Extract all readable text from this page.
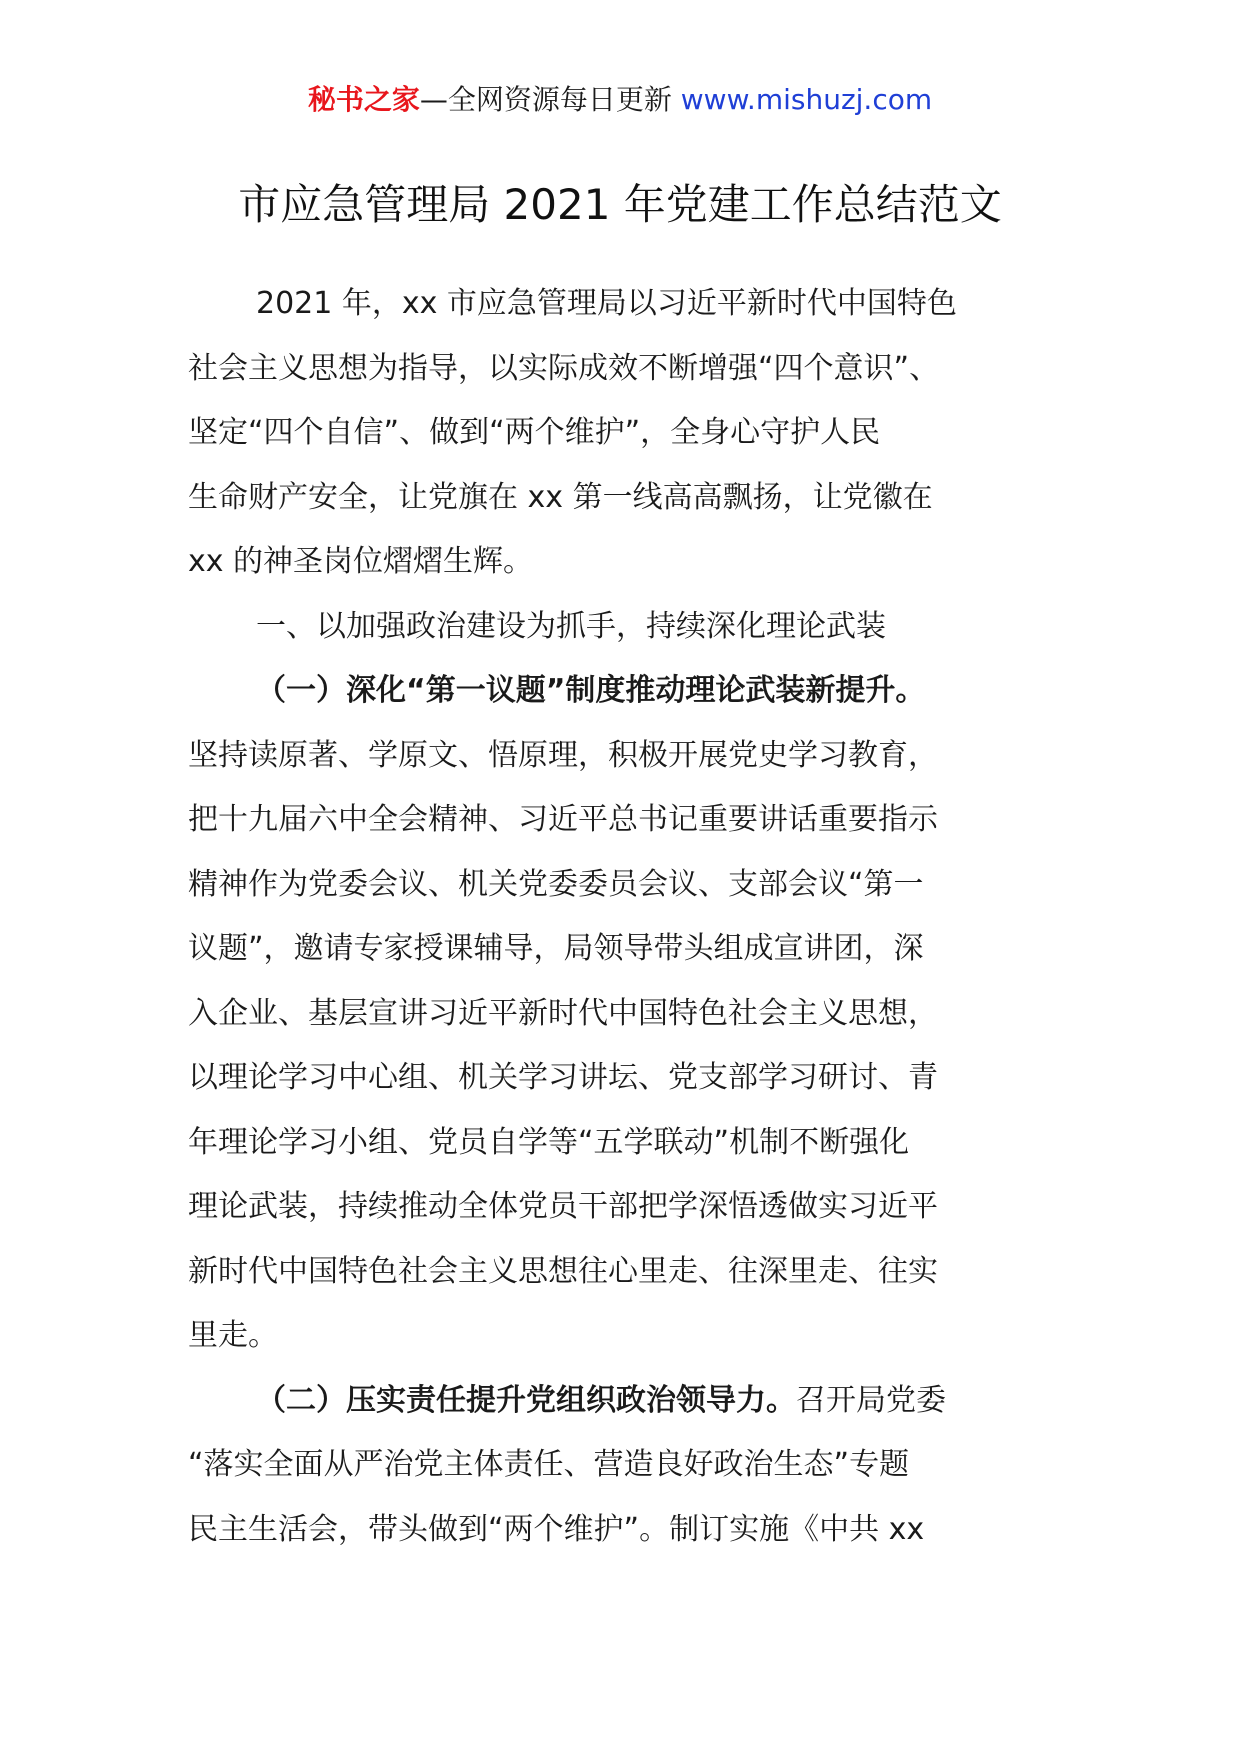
秘书之家—全网资源每日更新 www.mishuzj.com
市应急管理局 2021 年党建工作总结范文
2021 年，xx 市应急管理局以习近平新时代中国特色
社会主义思想为指导，以实际成效不断增强“四个意识”、
坚定“四个自信”、做到“两个维护”，全身心守护人民
生命财产安全，让党旗在 xx 第一线高高飘扬，让党徽在
xx 的神圣岗位熠熠生辉。
一、以加强政治建设为抓手，持续深化理论武装
（一）深化“第一议题”制度推动理论武装新提升。
坚持读原著、学原文、悟原理，积极开展党史学习教育，
把十九届六中全会精神、习近平总书记重要讲话重要指示
精神作为党委会议、机关党委委员会议、支部会议“第一
议题”，邀请专家授课辅导，局领导带头组成宣讲团，深
入企业、基层宣讲习近平新时代中国特色社会主义思想，
以理论学习中心组、机关学习讲坛、党支部学习研讨、青
年理论学习小组、党员自学等“五学联动”机制不断强化
理论武装，持续推动全体党员干部把学深悟透做实习近平
新时代中国特色社会主义思想往心里走、往深里走、往实
里走。
（二）压实责任提升党组织政治领导力。召开局党委
“落实全面从严治党主体责任、营造良好政治生态”专题
民主生活会，带头做到“两个维护”。制订实施《中共 xx
